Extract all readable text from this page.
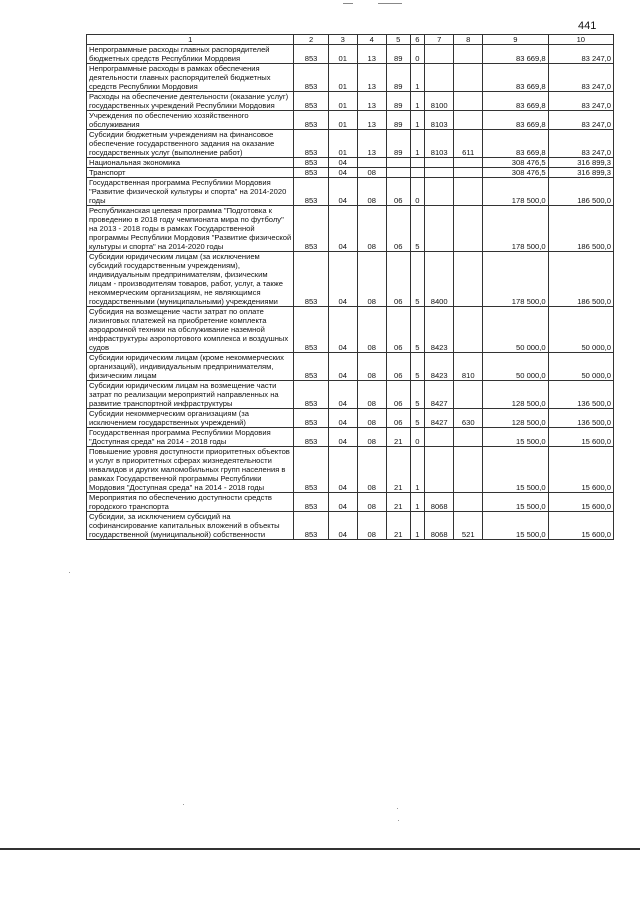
441
1	2	3	4	5	6	7	8	9	10
Непрограммные расходы главных распорядителей бюджетных средств Республики Мордовия	853	01	13	89	0			83 669,8	83 247,0
Непрограммные расходы в рамках обеспечения деятельности главных распорядителей бюджетных средств Республики Мордовия	853	01	13	89	1			83 669,8	83 247,0
Расходы на обеспечение деятельности (оказание услуг) государственных учреждений Республики Мордовия	853	01	13	89	1	8100		83 669,8	83 247,0
Учреждения по обеспечению хозяйственного обслуживания	853	01	13	89	1	8103		83 669,8	83 247,0
Субсидии бюджетным учреждениям на финансовое обеспечение государственного задания на оказание государственных услуг (выполнение работ)	853	01	13	89	1	8103	611	83 669,8	83 247,0
Национальная экономика	853	04						308 476,5	316 899,3
Транспорт	853	04	08					308 476,5	316 899,3
Государственная программа Республики Мордовия "Развитие физической культуры и спорта" на 2014-2020 годы	853	04	08	06	0			178 500,0	186 500,0
Республиканская целевая программа "Подготовка к проведению в 2018 году чемпионата мира по футболу" на 2013 - 2018 годы в рамках Государственной программы Республики Мордовия "Развитие физической культуры и спорта" на 2014-2020 годы	853	04	08	06	5			178 500,0	186 500,0
Субсидии юридическим лицам (за исключением субсидий государственным учреждениям), индивидуальным предпринимателям, физическим лицам - производителям товаров, работ, услуг, а также некоммерческим организациям, не являющимся государственными (муниципальными) учреждениями	853	04	08	06	5	8400		178 500,0	186 500,0
Субсидия на возмещение части затрат по оплате лизинговых платежей на приобретение комплекта аэродромной техники на обслуживание наземной инфраструктуры аэропортового комплекса и воздушных судов	853	04	08	06	5	8423		50 000,0	50 000,0
Субсидии юридическим лицам (кроме некоммерческих организаций), индивидуальным предпринимателям, физическим лицам	853	04	08	06	5	8423	810	50 000,0	50 000,0
Субсидии юридическим лицам на возмещение части затрат по реализации мероприятий направленных на развитие транспортной инфраструктуры	853	04	08	06	5	8427		128 500,0	136 500,0
Субсидии некоммерческим организациям (за исключением государственных учреждений)	853	04	08	06	5	8427	630	128 500,0	136 500,0
Государственная программа Республики Мордовия "Доступная среда" на 2014 - 2018 годы	853	04	08	21	0			15 500,0	15 600,0
Повышение уровня доступности приоритетных объектов и услуг в приоритетных сферах жизнедеятельности инвалидов и других маломобильных групп населения в рамках Государственной программы Республики Мордовия "Доступная среда" на 2014 - 2018 годы	853	04	08	21	1			15 500,0	15 600,0
Мероприятия по обеспечению доступности средств городского транспорта	853	04	08	21	1	8068		15 500,0	15 600,0
Субсидии, за исключением субсидий на софинансирование капитальных вложений в объекты государственной (муниципальной) собственности	853	04	08	21	1	8068	521	15 500,0	15 600,0
